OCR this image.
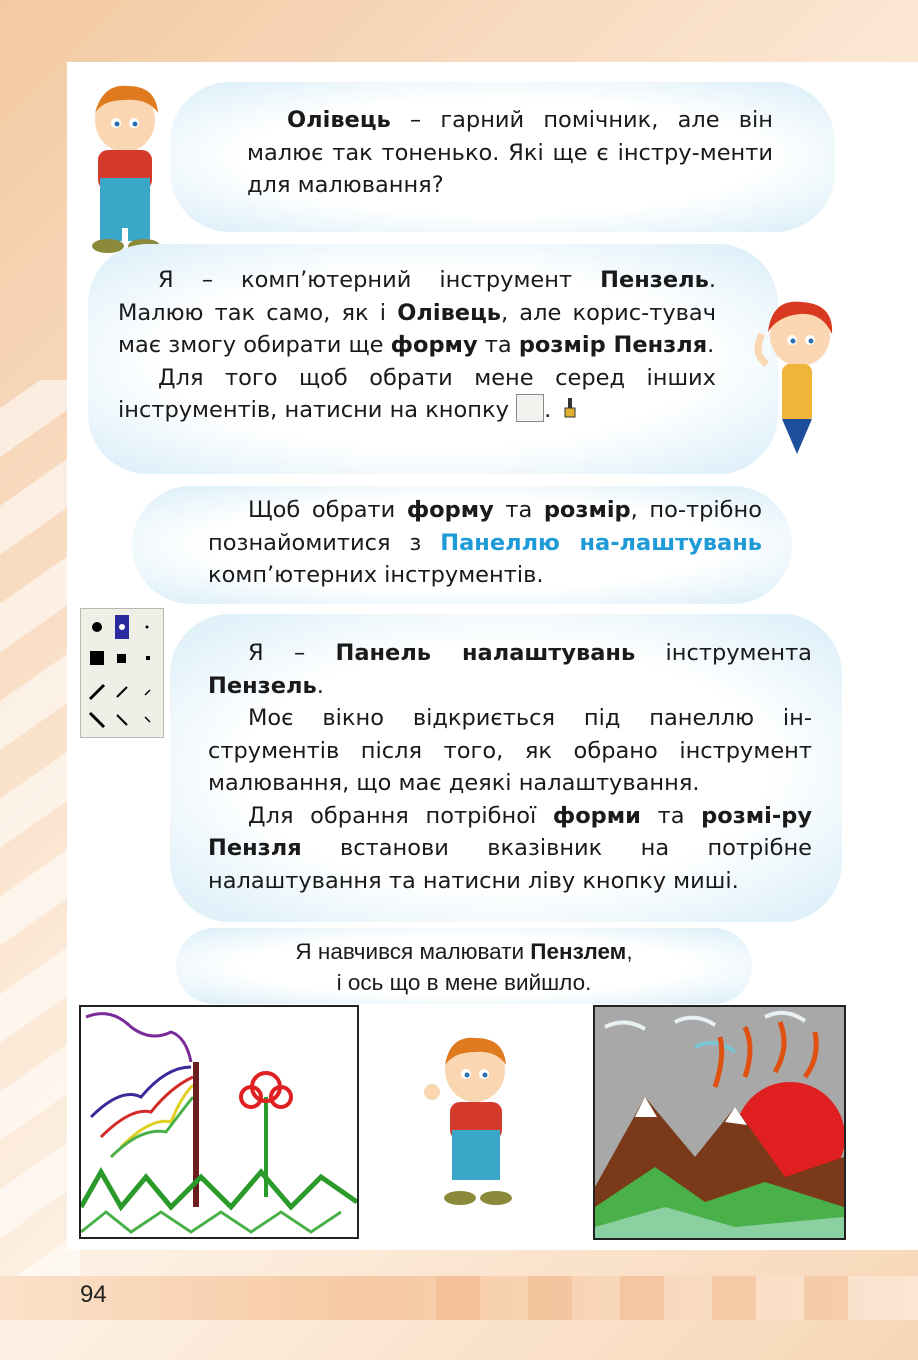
Олівець – гарний помічник, але він малює так тоненько. Які ще є інстру-менти для малювання?

Я – комп’ютерний інструмент Пензель. Малюю так само, як і Олівець, але корис-тувач має змогу обирати ще форму та розмір Пензля.

Для того щоб обрати мене серед інших інструментів, натисни на кнопку .

Щоб обрати форму та розмір, по-трібно познайомитися з Панеллю на-лаштувань комп’ютерних інструментів.

Я – Панель налаштувань інструмента Пензель.

Моє вікно відкриється під панеллю ін-струментів після того, як обрано інструмент малювання, що має деякі налаштування.

Для обрання потрібної форми та розмі-ру Пензля встанови вказівник на потрібне налаштування та натисни ліву кнопку миші.

Я навчився малювати Пензлем,

і ось що в мене вийшло.

94
